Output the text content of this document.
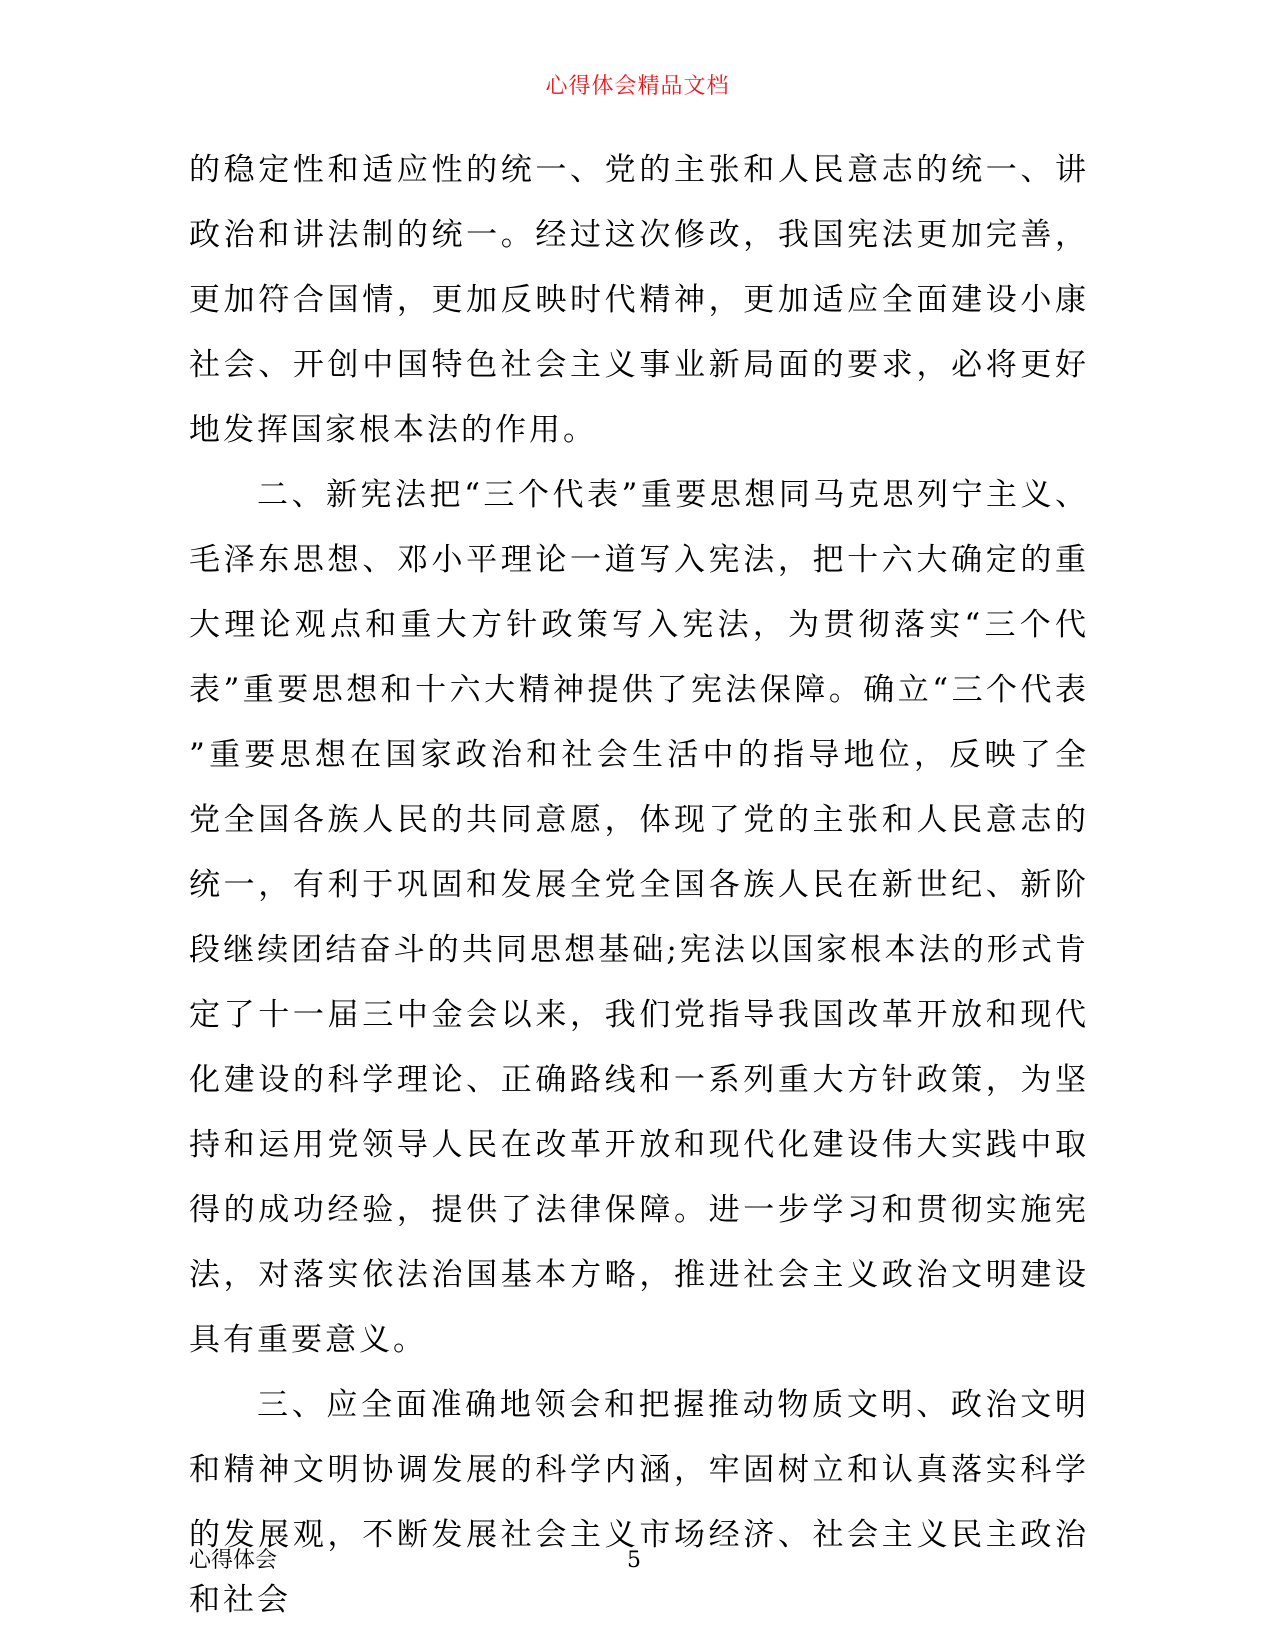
心得体会精品文档

的稳定性和适应性的统一、党的主张和人民意志的统一、讲政治和讲法制的统一。经过这次修改，我国宪法更加完善，更加符合国情，更加反映时代精神，更加适应全面建设小康社会、开创中国特色社会主义事业新局面的要求，必将更好地发挥国家根本法的作用。

二、新宪法把“三个代表”重要思想同马克思列宁主义、毛泽东思想、邓小平理论一道写入宪法，把十六大确定的重大理论观点和重大方针政策写入宪法，为贯彻落实“三个代表”重要思想和十六大精神提供了宪法保障。确立“三个代表”重要思想在国家政治和社会生活中的指导地位，反映了全党全国各族人民的共同意愿，体现了党的主张和人民意志的统一，有利于巩固和发展全党全国各族人民在新世纪、新阶段继续团结奋斗的共同思想基础;宪法以国家根本法的形式肯定了十一届三中金会以来，我们党指导我国改革开放和现代化建设的科学理论、正确路线和一系列重大方针政策，为坚持和运用党领导人民在改革开放和现代化建设伟大实践中取得的成功经验，提供了法律保障。进一步学习和贯彻实施宪法，对落实依法治国基本方略，推进社会主义政治文明建设具有重要意义。

三、应全面准确地领会和把握推动物质文明、政治文明和精神文明协调发展的科学内涵，牢固树立和认真落实科学的发展观，不断发展社会主义市场经济、社会主义民主政治和社会

心得体会	5
